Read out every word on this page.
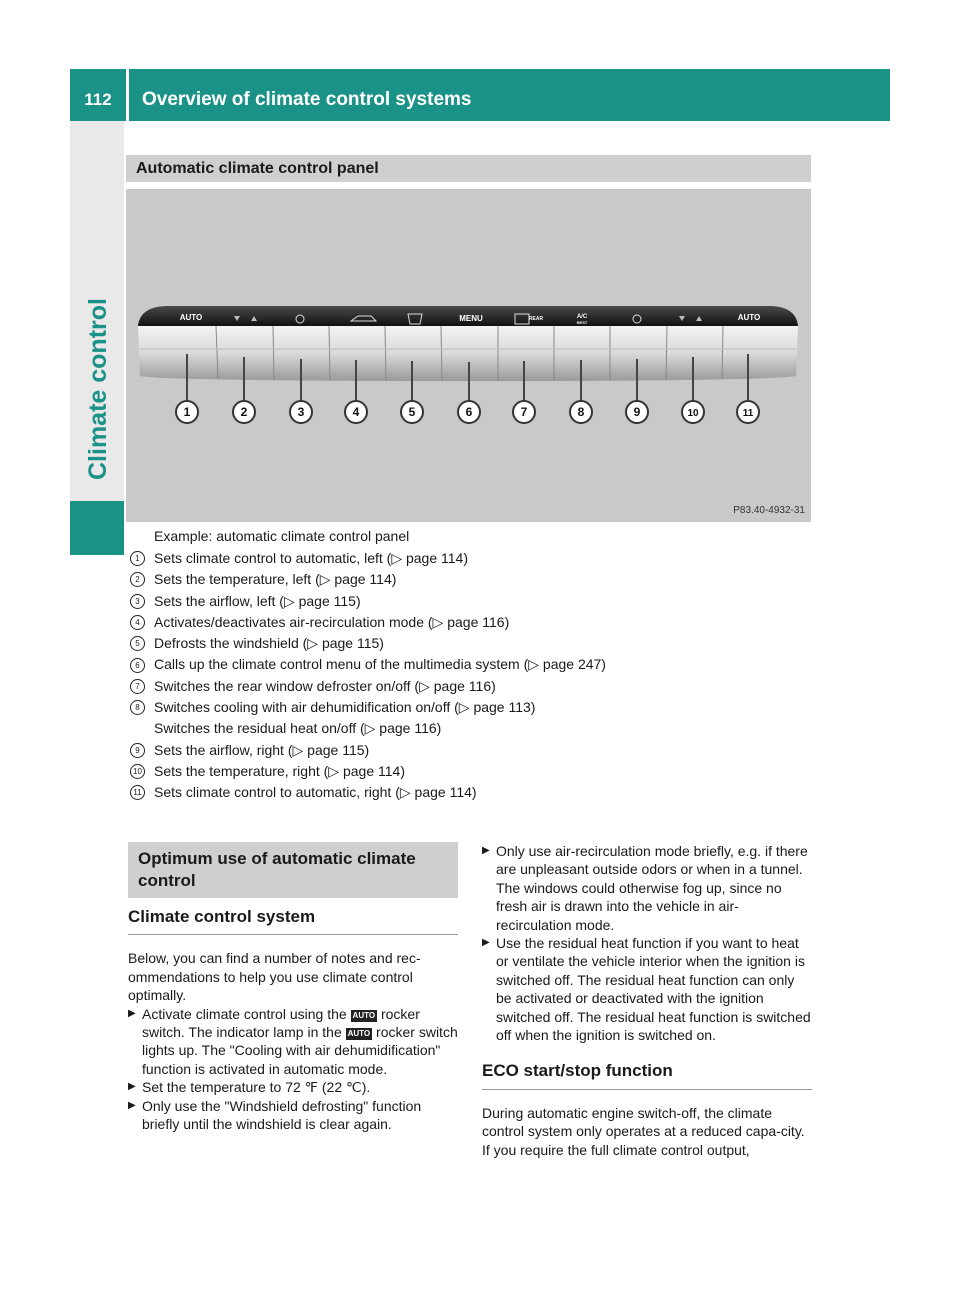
112	Overview of climate control systems
Climate control
Automatic climate control panel
AUTO	MENU	REAR	A/C
REST
AUTO
1	2	3	4	5	6	7	8	9	10	11
P83.40-4932-31
Example: automatic climate control panel
1	Sets climate control to automatic, left (▷ page 114)
2	Sets the temperature, left (▷ page 114)
3	Sets the airflow, left (▷ page 115)
4	Activates/deactivates air-recirculation mode (▷ page 116)
5	Defrosts the windshield (▷ page 115)
6	Calls up the climate control menu of the multimedia system (▷ page 247)
7	Switches the rear window defroster on/off (▷ page 116)
8	Switches cooling with air dehumidification on/off (▷ page 113)
Switches the residual heat on/off (▷ page 116)
9	Sets the airflow, right (▷ page 115)
10 Sets the temperature, right (▷ page 114)
11 Sets climate control to automatic, right (▷ page 114)
Optimum use of automatic climate
control
Climate control system

Below, you can find a number of notes and rec-ommendations to help you use climate control optimally.

▶ Activate climate control using the AUTO rocker switch. The indicator lamp in the AUTO rocker switch lights up. The "Cooling with air dehumidification" function is activated in automatic mode.
▶ Set the temperature to 72 ℉ (22 ℃).
▶ Only use the "Windshield defrosting" function briefly until the windshield is clear again.
▶ Only use air-recirculation mode briefly, e.g. if there are unpleasant outside odors or when in a tunnel. The windows could otherwise fog up, since no fresh air is drawn into the vehicle in air-recirculation mode.
▶ Use the residual heat function if you want to heat or ventilate the vehicle interior when the ignition is switched off. The residual heat function can only be activated or deactivated with the ignition switched off. The residual heat function is switched off when the ignition is switched on.
ECO start/stop function

During automatic engine switch-off, the climate control system only operates at a reduced capa-city. If you require the full climate control output,
